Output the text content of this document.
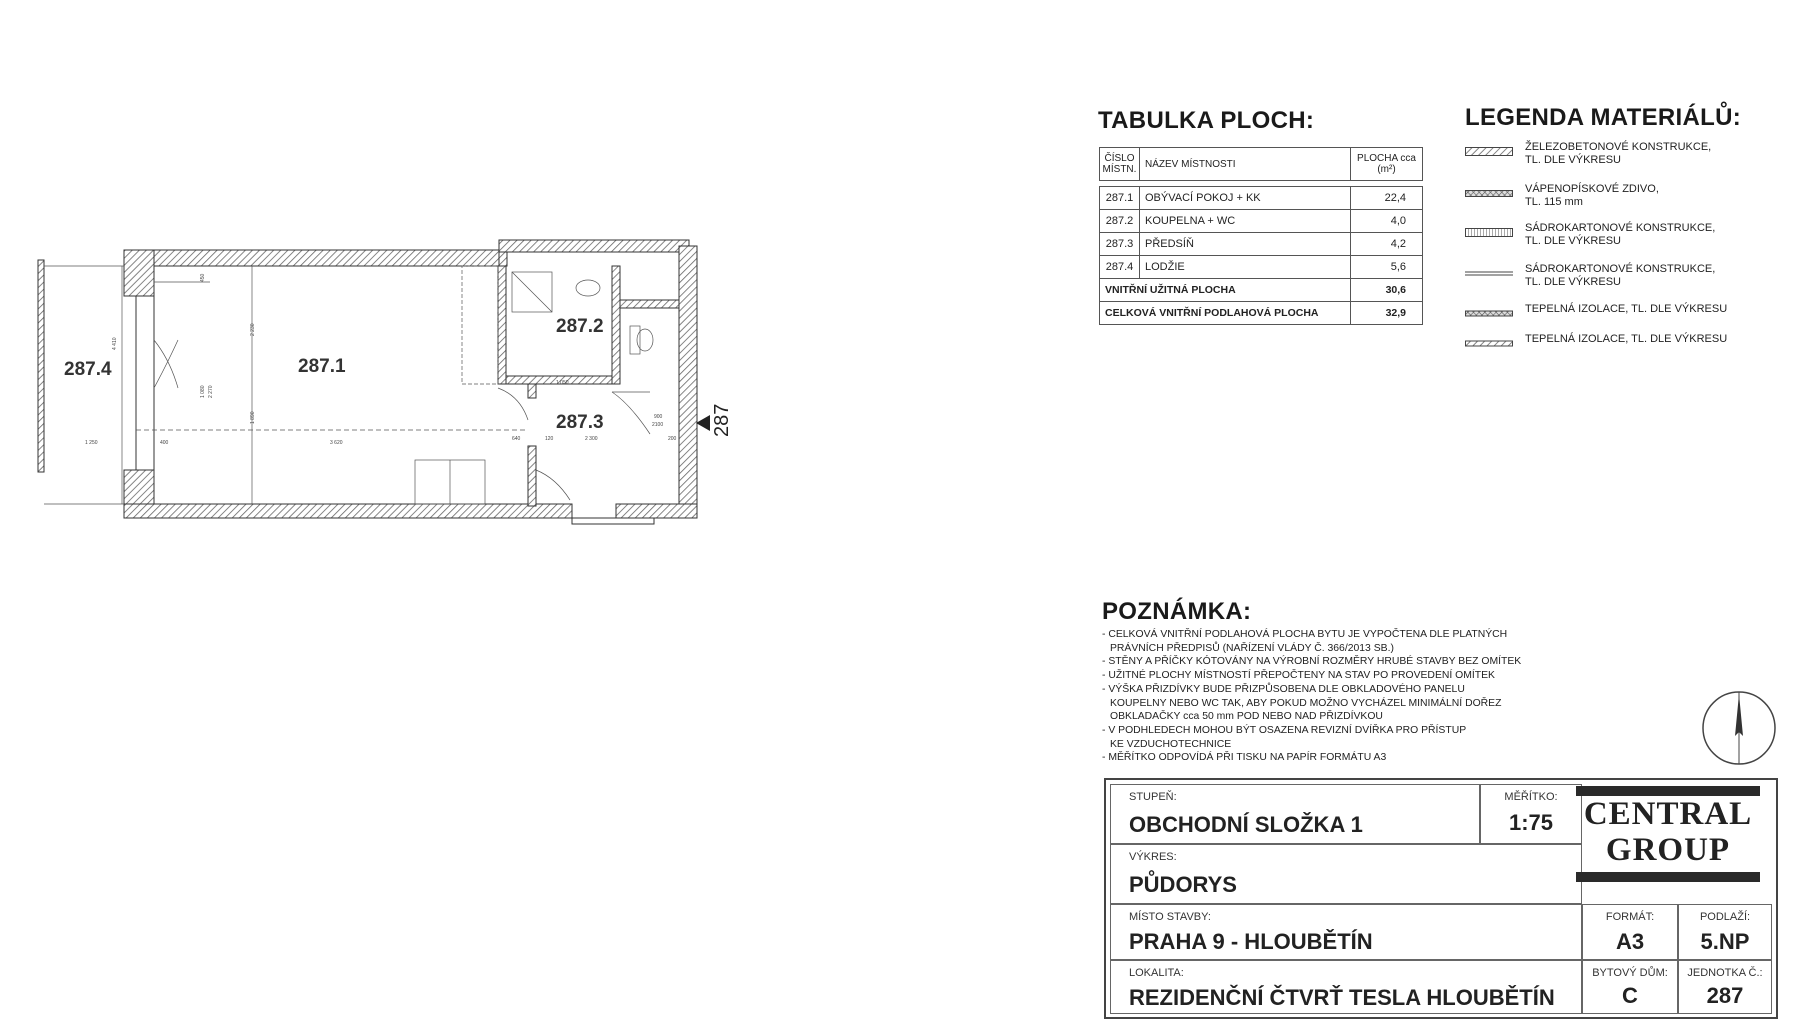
287.4	287.1
287.2
287.3
1 250	400	3 620
2 300
640	120	200
900
2100
1 050
4 410
2 230
1 890
450
1 080 2 270
287
TABULKA PLOCH:
ČÍSLO MÍSTN.	NÁZEV MÍSTNOSTI	PLOCHA cca (m²)

287.1	OBÝVACÍ POKOJ + KK	22,4
287.2	KOUPELNA + WC	4,0
287.3	PŘEDSÍŇ	4,2
287.4	LODŽIE	5,6
VNITŘNÍ UŽITNÁ PLOCHA		30,6
CELKOVÁ VNITŘNÍ PODLAHOVÁ PLOCHA		32,9
LEGENDA MATERIÁLŮ:
ŽELEZOBETONOVÉ KONSTRUKCE,
TL. DLE VÝKRESU
VÁPENOPÍSKOVÉ ZDIVO,
TL. 115 mm
SÁDROKARTONOVÉ KONSTRUKCE,
TL. DLE VÝKRESU
SÁDROKARTONOVÉ KONSTRUKCE,
TL. DLE VÝKRESU
TEPELNÁ IZOLACE, TL. DLE VÝKRESU
TEPELNÁ IZOLACE, TL. DLE VÝKRESU
POZNÁMKA:
- CELKOVÁ VNITŘNÍ PODLAHOVÁ PLOCHA BYTU JE VYPOČTENA DLE PLATNÝCH
PRÁVNÍCH PŘEDPISŮ (NAŘÍZENÍ VLÁDY Č. 366/2013 SB.)
- STĚNY A PŘÍČKY KÓTOVÁNY NA VÝROBNÍ ROZMĚRY HRUBÉ STAVBY BEZ OMÍTEK
- UŽITNÉ PLOCHY MÍSTNOSTÍ PŘEPOČTENY NA STAV PO PROVEDENÍ OMÍTEK
- VÝŠKA PŘIZDÍVKY BUDE PŘIZPŮSOBENA DLE OBKLADOVÉHO PANELU
KOUPELNY NEBO WC TAK, ABY POKUD MOŽNO VYCHÁZEL MINIMÁLNÍ DOŘEZ
OBKLADAČKY cca 50 mm POD NEBO NAD PŘIZDÍVKOU
- V PODHLEDECH MOHOU BÝT OSAZENA REVIZNÍ DVÍŘKA PRO PŘÍSTUP
KE VZDUCHOTECHNICE
- MĚŘÍTKO ODPOVÍDÁ PŘI TISKU NA PAPÍR FORMÁTU A3
STUPEŇ:
OBCHODNÍ SLOŽKA 1
MĚŘÍTKO:
1:75
VÝKRES:
PŮDORYS
MÍSTO STAVBY:
PRAHA 9 - HLOUBĚTÍN
FORMÁT:
A3
PODLAŽÍ:
5.NP
LOKALITA:
REZIDENČNÍ ČTVRŤ TESLA HLOUBĚTÍN
BYTOVÝ DŮM:
C
JEDNOTKA Č.:
287
CENTRAL
GROUP
